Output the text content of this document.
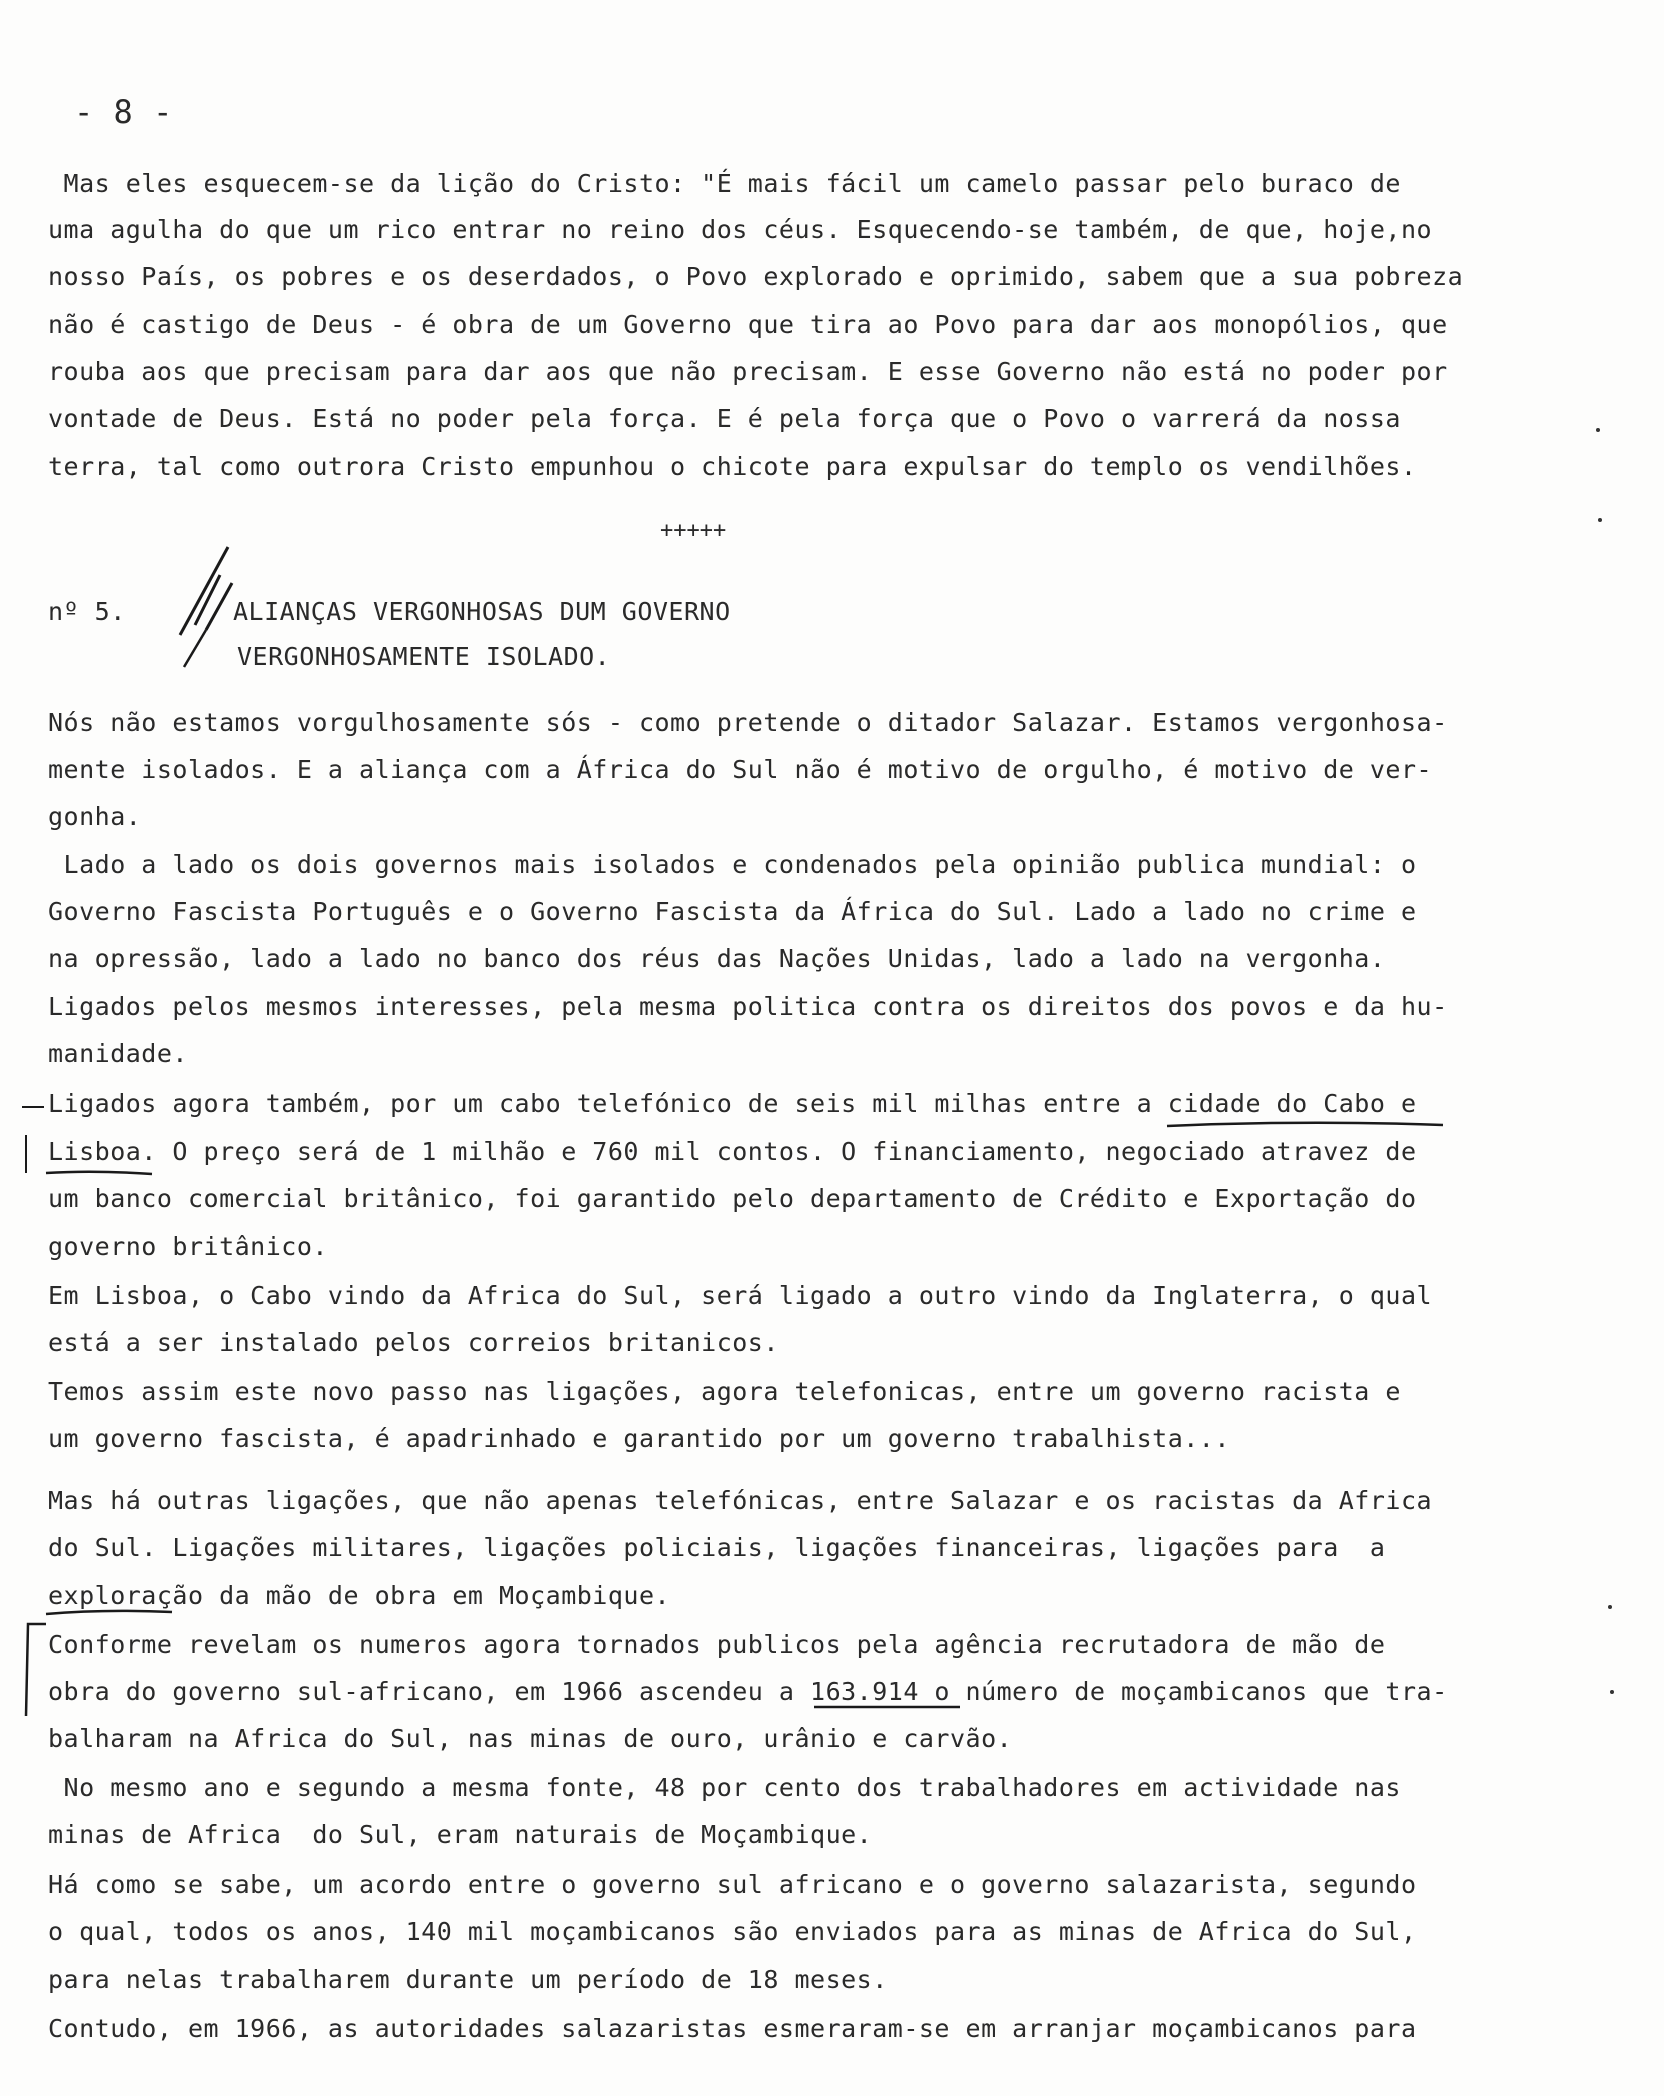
- 8 -
Mas eles esquecem-se da lição do Cristo: "É mais fácil um camelo passar pelo buraco de
uma agulha do que um rico entrar no reino dos céus. Esquecendo-se também, de que, hoje,no
nosso País, os pobres e os deserdados, o Povo explorado e oprimido, sabem que a sua pobreza
não é castigo de Deus - é obra de um Governo que tira ao Povo para dar aos monopólios, que
rouba aos que precisam para dar aos que não precisam. E esse Governo não está no poder por
vontade de Deus. Está no poder pela força. E é pela força que o Povo o varrerá da nossa
terra, tal como outrora Cristo empunhou o chicote para expulsar do templo os vendilhões.
+++++
nº 5.	ALIANÇAS VERGONHOSAS DUM GOVERNO
VERGONHOSAMENTE ISOLADO.
Nós não estamos vorgulhosamente sós - como pretende o ditador Salazar. Estamos vergonhosa-
mente isolados. E a aliança com a África do Sul não é motivo de orgulho, é motivo de ver-
gonha.
Lado a lado os dois governos mais isolados e condenados pela opinião publica mundial: o
Governo Fascista Português e o Governo Fascista da África do Sul. Lado a lado no crime e
na opressão, lado a lado no banco dos réus das Nações Unidas, lado a lado na vergonha.
Ligados pelos mesmos interesses, pela mesma politica contra os direitos dos povos e da hu-
manidade.
Ligados agora também, por um cabo telefónico de seis mil milhas entre a cidade do Cabo e
Lisboa. O preço será de 1 milhão e 760 mil contos. O financiamento, negociado atravez de
um banco comercial britânico, foi garantido pelo departamento de Crédito e Exportação do
governo britânico.
Em Lisboa, o Cabo vindo da Africa do Sul, será ligado a outro vindo da Inglaterra, o qual
está a ser instalado pelos correios britanicos.
Temos assim este novo passo nas ligações, agora telefonicas, entre um governo racista e
um governo fascista, é apadrinhado e garantido por um governo trabalhista...
Mas há outras ligações, que não apenas telefónicas, entre Salazar e os racistas da Africa
do Sul. Ligações militares, ligações policiais, ligações financeiras, ligações para  a
exploração da mão de obra em Moçambique.
Conforme revelam os numeros agora tornados publicos pela agência recrutadora de mão de
obra do governo sul-africano, em 1966 ascendeu a 163.914 o número de moçambicanos que tra-
balharam na Africa do Sul, nas minas de ouro, urânio e carvão.
No mesmo ano e segundo a mesma fonte, 48 por cento dos trabalhadores em actividade nas
minas de Africa  do Sul, eram naturais de Moçambique.
Há como se sabe, um acordo entre o governo sul africano e o governo salazarista, segundo
o qual, todos os anos, 140 mil moçambicanos são enviados para as minas de Africa do Sul,
para nelas trabalharem durante um período de 18 meses.
Contudo, em 1966, as autoridades salazaristas esmeraram-se em arranjar moçambicanos para
